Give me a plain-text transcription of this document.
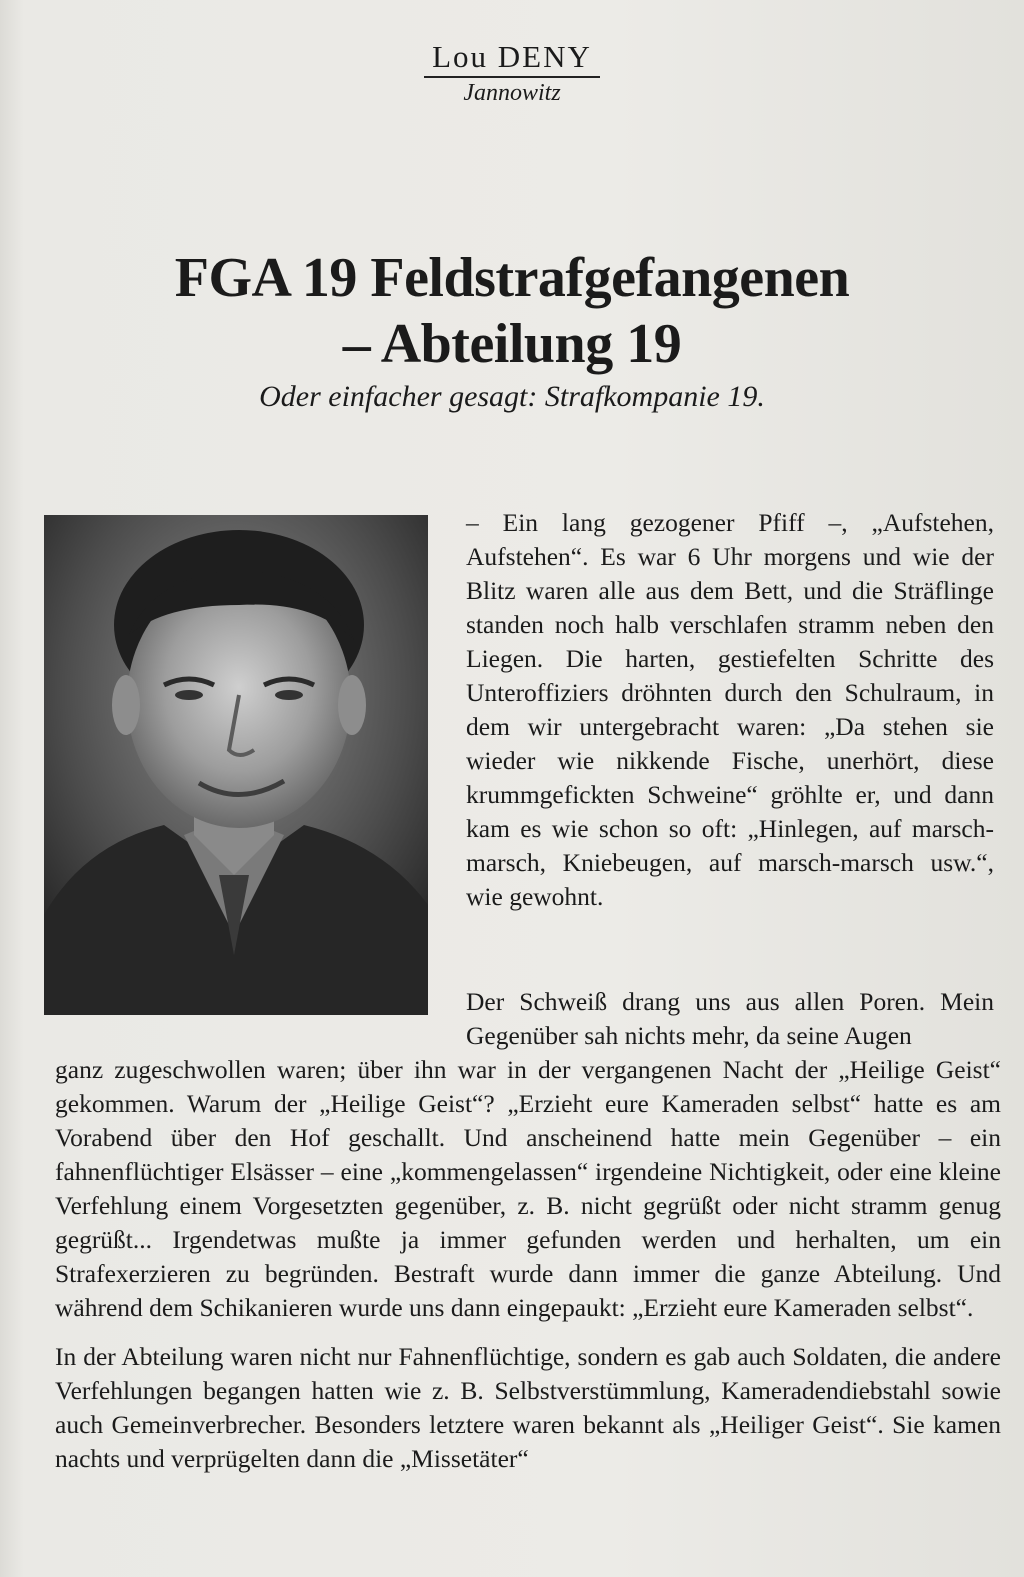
Lou DENY
Jannowitz
FGA 19 Feldstrafgefangenen
– Abteilung 19
Oder einfacher gesagt: Strafkompanie 19.

– Ein lang gezogener Pfiff –, „Aufstehen, Aufstehen“. Es war 6 Uhr morgens und wie der Blitz waren alle aus dem Bett, und die Sträflinge standen noch halb verschlafen stramm neben den Liegen. Die harten, gestiefelten Schritte des Unteroffiziers dröhnten durch den Schulraum, in dem wir untergebracht waren: „Da stehen sie wieder wie nikkende Fische, unerhört, diese krummgefickten Schweine“ gröhlte er, und dann kam es wie schon so oft: „Hinlegen, auf marsch-marsch, Kniebeugen, auf marsch-marsch usw.“, wie gewohnt.

Der Schweiß drang uns aus allen Poren. Mein Gegenüber sah nichts mehr, da seine Augen

ganz zugeschwollen waren; über ihn war in der vergangenen Nacht der „Heilige Geist“ gekommen. Warum der „Heilige Geist“? „Erzieht eure Kameraden selbst“ hatte es am Vorabend über den Hof geschallt. Und anscheinend hatte mein Gegenüber – ein fahnenflüchtiger Elsässer – eine „kommengelassen“ irgendeine Nichtigkeit, oder eine kleine Verfehlung einem Vorgesetzten gegenüber, z. B. nicht gegrüßt oder nicht stramm genug gegrüßt... Irgendetwas mußte ja immer gefunden werden und herhalten, um ein Strafexerzieren zu begründen. Bestraft wurde dann immer die ganze Abteilung. Und während dem Schikanieren wurde uns dann eingepaukt: „Erzieht eure Kameraden selbst“.

In der Abteilung waren nicht nur Fahnenflüchtige, sondern es gab auch Soldaten, die andere Verfehlungen begangen hatten wie z. B. Selbstverstümmlung, Kameradendiebstahl sowie auch Gemeinverbrecher. Besonders letztere waren bekannt als „Heiliger Geist“. Sie kamen nachts und verprügelten dann die „Missetäter“
